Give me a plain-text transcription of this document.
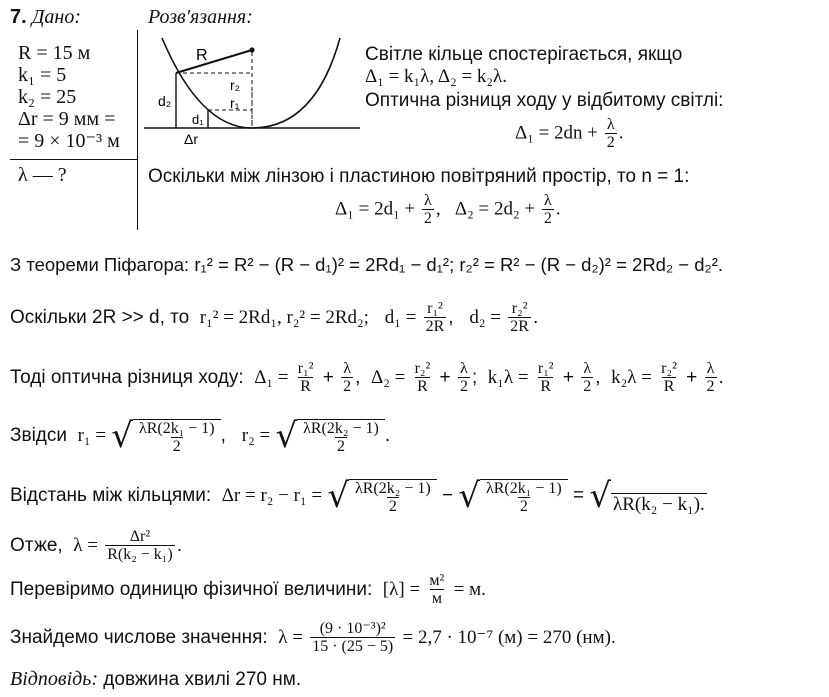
7. Дано:	Розв'язання:
R = 15 м
k₁ = 5
k₂ = 25
Δr = 9 мм =
= 9 × 10⁻³ м
λ — ?
R
r₂
r₁
d₂
d₁
Δr
Світле кільце спостерігається, якщо
Δ₁ = k₁λ, Δ₂ = k₂λ.
Оптична різниця ходу у відбитому світлі:
$\Delta_1 = 2dn + \frac{\lambda}{2}$ .
Оскільки між лінзою і пластиною повітряний простір, то n = 1:
$\Delta_1 = 2d_1 + \frac{\lambda}{2}$ ,   $\Delta_2 = 2d_2 + \frac{\lambda}{2}$ .
З теореми Піфагора: r₁² = R² − (R − d₁)² = 2Rd₁ − d₁²; r₂² = R² − (R − d₂)² = 2Rd₂ − d₂².
Оскільки 2R >> d, то r₁² = 2Rd₁, r₂² = 2Rd₂; $d_1 = \frac{\text{r₁²}}{2R}$ ,   $d_2 = \frac{\text{r₂²}}{2R}$ .
Тоді оптична різниця ходу: $\Delta_1 = \frac{\text{r₁²}}{R} + \frac{\lambda}{2}$ ,  $\Delta_2 = \frac{\text{r₂²}}{R} + \frac{\lambda}{2}$ ;  $k_1\lambda = \frac{\text{r₁²}}{R} + \frac{\lambda}{2}$ ,  $k_2\lambda = \frac{\text{r₂²}}{R} + \frac{\lambda}{2}$ .
Звідси r₁ = √ $\frac{\text{λR(2k₁ − 1)}}{2}$ ,   r₂ = √ $\frac{\text{λR(2k₂ − 1)}}{2}$ .
Відстань між кільцями: Δr = r₂ − r₁ = √ $\frac{\text{λR(2k₂ − 1)}}{2}$ − √ $\frac{\text{λR(2k₁ − 1)}}{2}$ = √ λR(k₂ − k₁).
Отже, $\lambda = \frac{\text{Δr²}}{\text{R(k₂ − k₁)}}$ .
Перевіримо одиницю фізичної величини: $[\lambda] = \frac{\text{м²}}{м} = м$.
Знайдемо числове значення: $\lambda = \frac{\text{(9 · 10⁻³)²}}{15 \cdot (25 - 5)} = 2,7 \cdot 10^{-7}$ (м) = 270 (нм).
Відповідь: довжина хвилі 270 нм.
